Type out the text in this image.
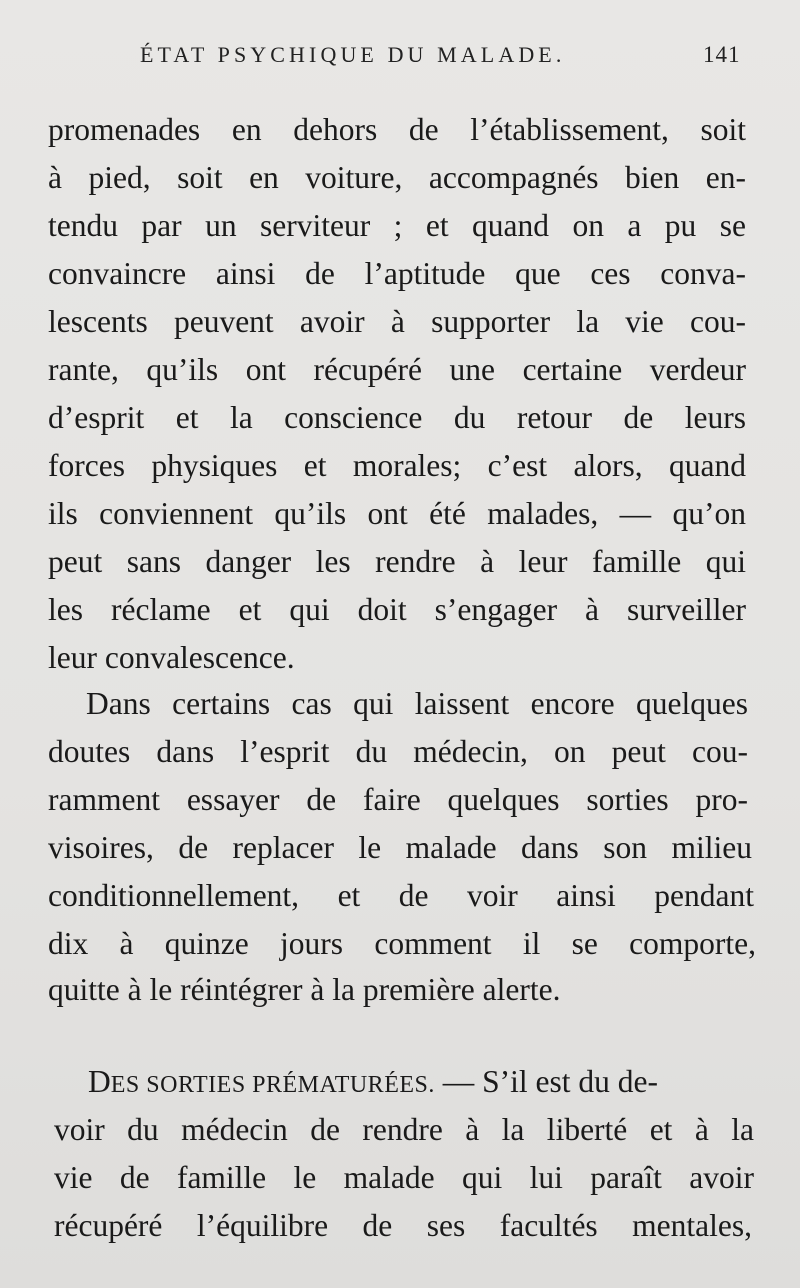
ÉTAT PSYCHIQUE DU MALADE.	141
promenades en dehors de l’établissement, soit
à pied, soit en voiture, accompagnés bien en-
tendu par un serviteur ; et quand on a pu se
convaincre ainsi de l’aptitude que ces conva-
lescents peuvent avoir à supporter la vie cou-
rante, qu’ils ont récupéré une certaine verdeur
d’esprit et la conscience du retour de leurs
forces physiques et morales; c’est alors, quand
ils conviennent qu’ils ont été malades, — qu’on
peut sans danger les rendre à leur famille qui
les réclame et qui doit s’engager à surveiller
leur convalescence.
Dans certains cas qui laissent encore quelques
doutes dans l’esprit du médecin, on peut cou-
ramment essayer de faire quelques sorties pro-
visoires, de replacer le malade dans son milieu
conditionnellement, et de voir ainsi pendant
dix à quinze jours comment il se comporte,
quitte à le réintégrer à la première alerte.
DES SORTIES PRÉMATURÉES. — S’il est du de-
voir du médecin de rendre à la liberté et à la
vie de famille le malade qui lui paraît avoir
récupéré l’équilibre de ses facultés mentales,
